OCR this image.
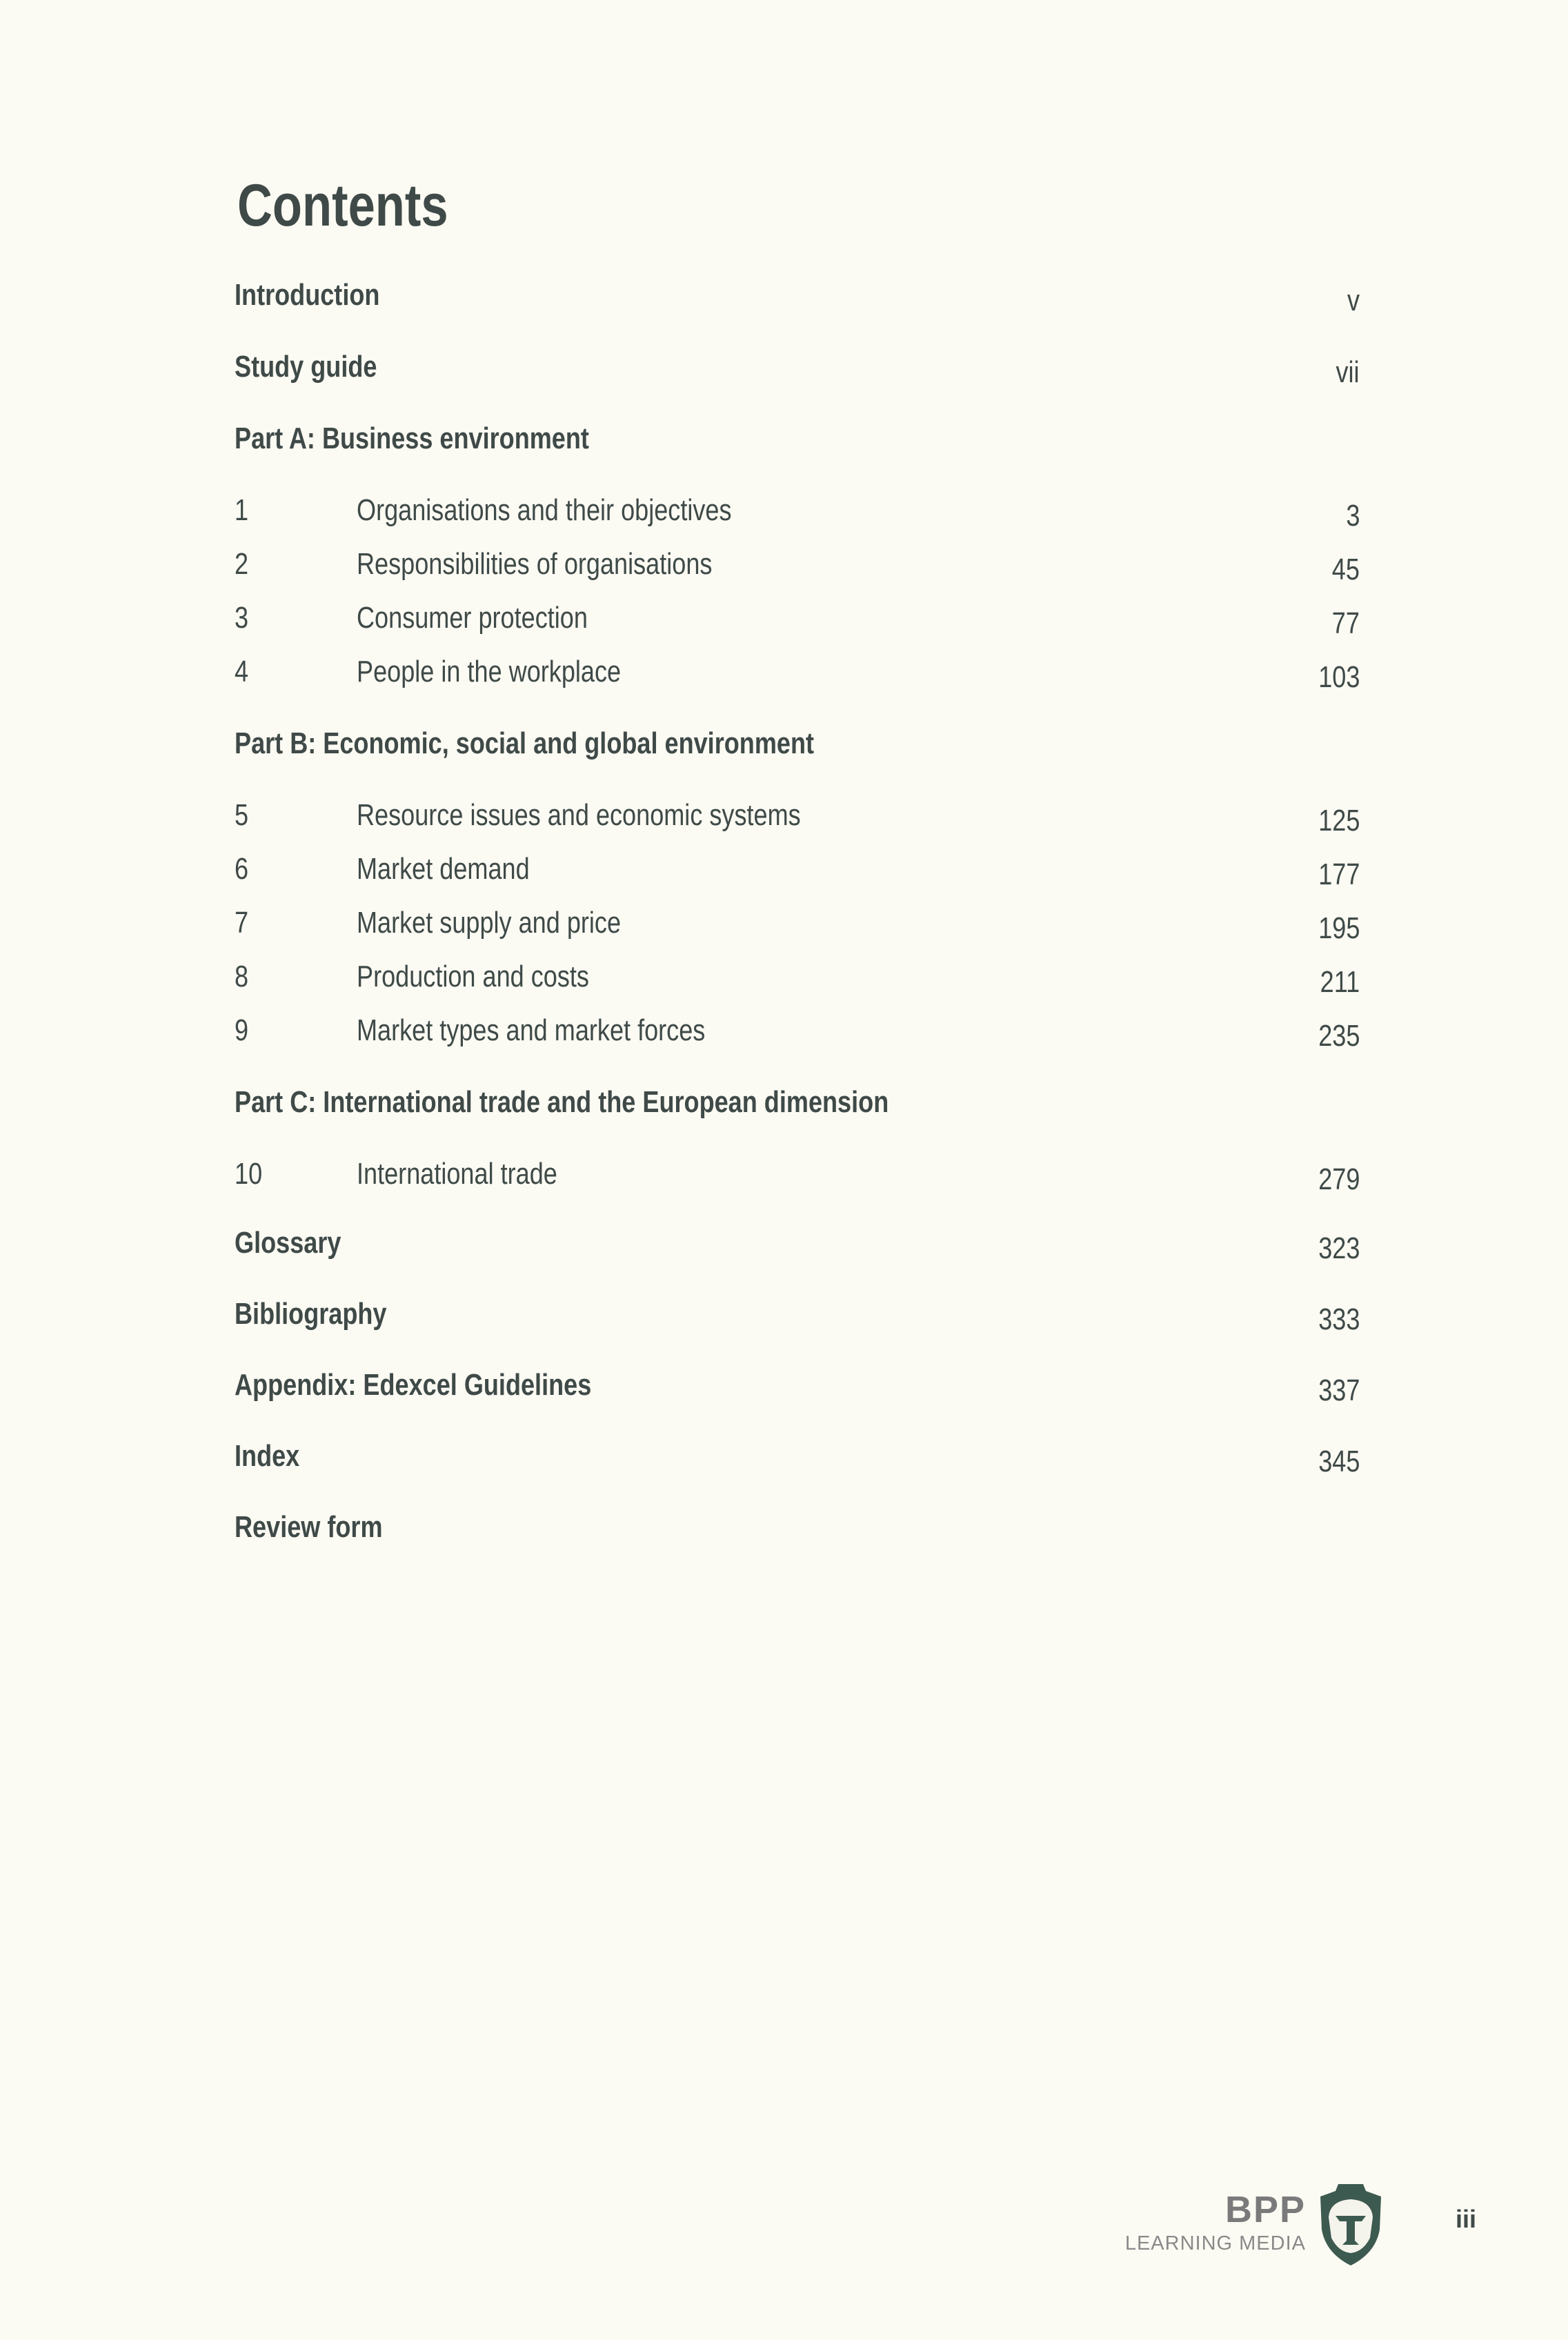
Contents
Introduction	v
Study guide	vii
Part A: Business environment
1	Organisations and their objectives	3
2	Responsibilities of organisations	45
3	Consumer protection	77
4	People in the workplace	103
Part B: Economic, social and global environment
5	Resource issues and economic systems	125
6	Market demand	177
7	Market supply and price	195
8	Production and costs	211
9	Market types and market forces	235
Part C: International trade and the European dimension
10	International trade	279
Glossary	323
Bibliography	333
Appendix: Edexcel Guidelines	337
Index	345
Review form
BPP
LEARNING MEDIA
iii
